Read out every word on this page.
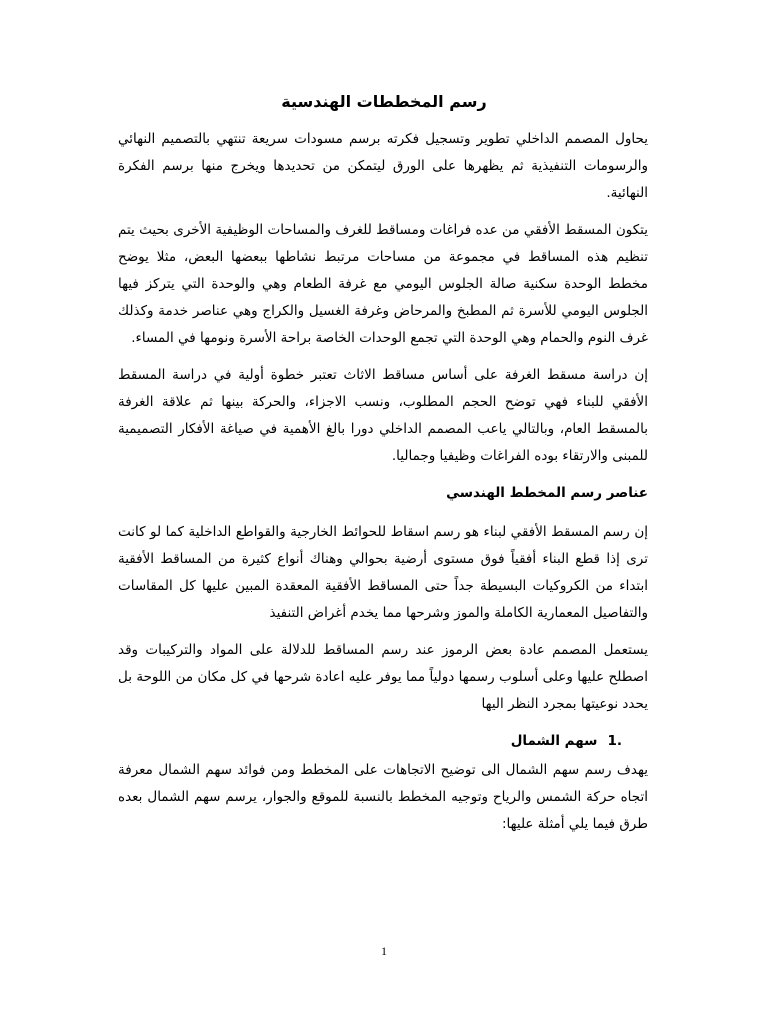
رسم المخططات الهندسية

يحاول المصمم الداخلي تطوير وتسجيل فكرته برسم مسودات سريعة تنتهي بالتصميم النهائي والرسومات التنفيذية ثم يظهرها على الورق ليتمكن من تحديدها ويخرج منها برسم الفكرة النهائية.

يتكون المسقط الأفقي من عده فراغات ومساقط للغرف والمساحات الوظيفية الأخرى بحيث يتم تنظيم هذه المساقط في مجموعة من مساحات مرتبط نشاطها ببعضها البعض، مثلا يوضح مخطط الوحدة سكنية صالة الجلوس اليومي مع غرفة الطعام وهي والوحدة التي يتركز فيها الجلوس اليومي للأسرة ثم المطبخ والمرحاض وغرفة الغسيل والكراج وهي عناصر خدمة وكذلك غرف النوم والحمام وهي الوحدة التي تجمع الوحدات الخاصة براحة الأسرة ونومها في المساء.

إن دراسة مسقط الغرفة على أساس مساقط الاثاث تعتبر خطوة أولية في دراسة المسقط الأفقي للبناء فهي توضح الحجم المطلوب، ونسب الاجزاء، والحركة بينها ثم علاقة الغرفة بالمسقط العام، وبالتالي ياعب المصمم الداخلي دورا بالغ الأهمية في صياغة الأفكار التصميمية للمبنى والارتقاء بوده الفراغات وظيفيا وجماليا.

عناصر رسم المخطط الهندسي

إن رسم المسقط الأفقي لبناء هو رسم اسقاط للحوائط الخارجية والقواطع الداخلية كما لو كانت ترى إذا قطع البناء أفقياً فوق مستوى أرضية بحوالي وهناك أنواع كثيرة من المساقط الأفقية ابتداء من الكروكيات البسيطة جداً حتى المساقط الأفقية المعقدة المبين عليها كل المقاسات والتفاصيل المعمارية الكاملة والموز وشرحها مما يخدم أغراض التنفيذ

يستعمل المصمم عادة بعض الرموز عند رسم المساقط للدلالة على المواد والتركيبات وقد اصطلح عليها وعلى أسلوب رسمها دولياً مما يوفر عليه اعادة شرحها في كل مكان من اللوحة بل يحدد نوعيتها بمجرد النظر اليها

1.سهم الشمال

يهدف رسم سهم الشمال الى توضيح الاتجاهات على المخطط ومن فوائد سهم الشمال معرفة اتجاه حركة الشمس والرياح وتوجيه المخطط بالنسبة للموقع والجوار، يرسم سهم الشمال بعده طرق فيما يلي أمثلة عليها:

1
